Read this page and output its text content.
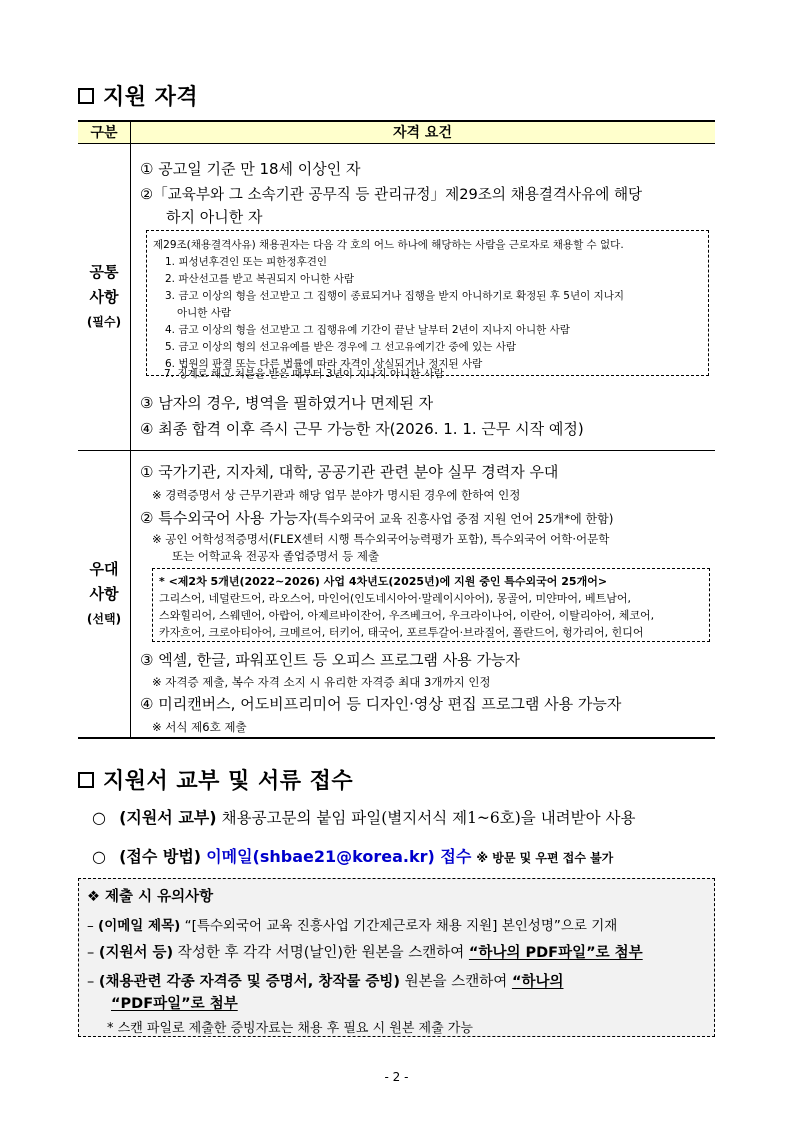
지원 자격
구분	자격 요건
공통
사항
(필수)
① 공고일 기준 만 18세 이상인 자
②「교육부와 그 소속기관 공무직 등 관리규정」제29조의 채용결격사유에 해당
하지 아니한 자
제29조(채용결격사유) 채용권자는 다음 각 호의 어느 하나에 해당하는 사람을 근로자로 채용할 수 없다.
1. 피성년후견인 또는 피한정후견인
2. 파산선고를 받고 복권되지 아니한 사람
3. 금고 이상의 형을 선고받고 그 집행이 종료되거나 집행을 받지 아니하기로 확정된 후 5년이 지나지
아니한 사람
4. 금고 이상의 형을 선고받고 그 집행유예 기간이 끝난 날부터 2년이 지나지 아니한 사람
5. 금고 이상의 형의 선고유예를 받은 경우에 그 선고유예기간 중에 있는 사람
6. 법원의 판결 또는 다른 법률에 따라 자격이 상실되거나 정지된 사람
③ 남자의 경우, 병역을 필하였거나 면제된 자
④ 최종 합격 이후 즉시 근무 가능한 자(2026. 1. 1. 근무 시작 예정)
우대
사항
(선택)
① 국가기관, 지자체, 대학, 공공기관 관련 분야 실무 경력자 우대
※ 경력증명서 상 근무기관과 해당 업무 분야가 명시된 경우에 한하여 인정
② 특수외국어 사용 가능자(특수외국어 교육 진흥사업 중점 지원 언어 25개*에 한함)
※ 공인 어학성적증명서(FLEX센터 시행 특수외국어능력평가 포함), 특수외국어 어학·어문학
또는 어학교육 전공자 졸업증명서 등 제출
* <제2차 5개년(2022~2026) 사업 4차년도(2025년)에 지원 중인 특수외국어 25개어>
그리스어, 네덜란드어, 라오스어, 마인어(인도네시아어·말레이시아어), 몽골어, 미얀마어, 베트남어,
스와힐리어, 스웨덴어, 아랍어, 아제르바이잔어, 우즈베크어, 우크라이나어, 이란어, 이탈리아어, 체코어,
카자흐어, 크로아티아어, 크메르어, 터키어, 태국어, 포르투갈어·브라질어, 폴란드어, 헝가리어, 힌디어
③ 엑셀, 한글, 파워포인트 등 오피스 프로그램 사용 가능자
※ 자격증 제출, 복수 자격 소지 시 유리한 자격증 최대 3개까지 인정
④ 미리캔버스, 어도비프리미어 등 디자인·영상 편집 프로그램 사용 가능자
※ 서식 제6호 제출
7. 징계로 해고 처분을 받은 때부터 3년이 지나지 아니한 사람
지원서 교부 및 서류 접수
○ (지원서 교부) 채용공고문의 붙임 파일(별지서식 제1~6호)을 내려받아 사용
○ (접수 방법) 이메일(shbae21@korea.kr) 접수 ※ 방문 및 우편 접수 불가
❖ 제출 시 유의사항
– (이메일 제목) “[특수외국어 교육 진흥사업 기간제근로자 채용 지원] 본인성명”으로 기재
– (지원서 등) 작성한 후 각각 서명(날인)한 원본을 스캔하여 “하나의 PDF파일”로 첨부
– (채용관련 각종 자격증 및 증명서, 창작물 증빙) 원본을 스캔하여 “하나의
“PDF파일”로 첨부
* 스캔 파일로 제출한 증빙자료는 채용 후 필요 시 원본 제출 가능
- 2 -
